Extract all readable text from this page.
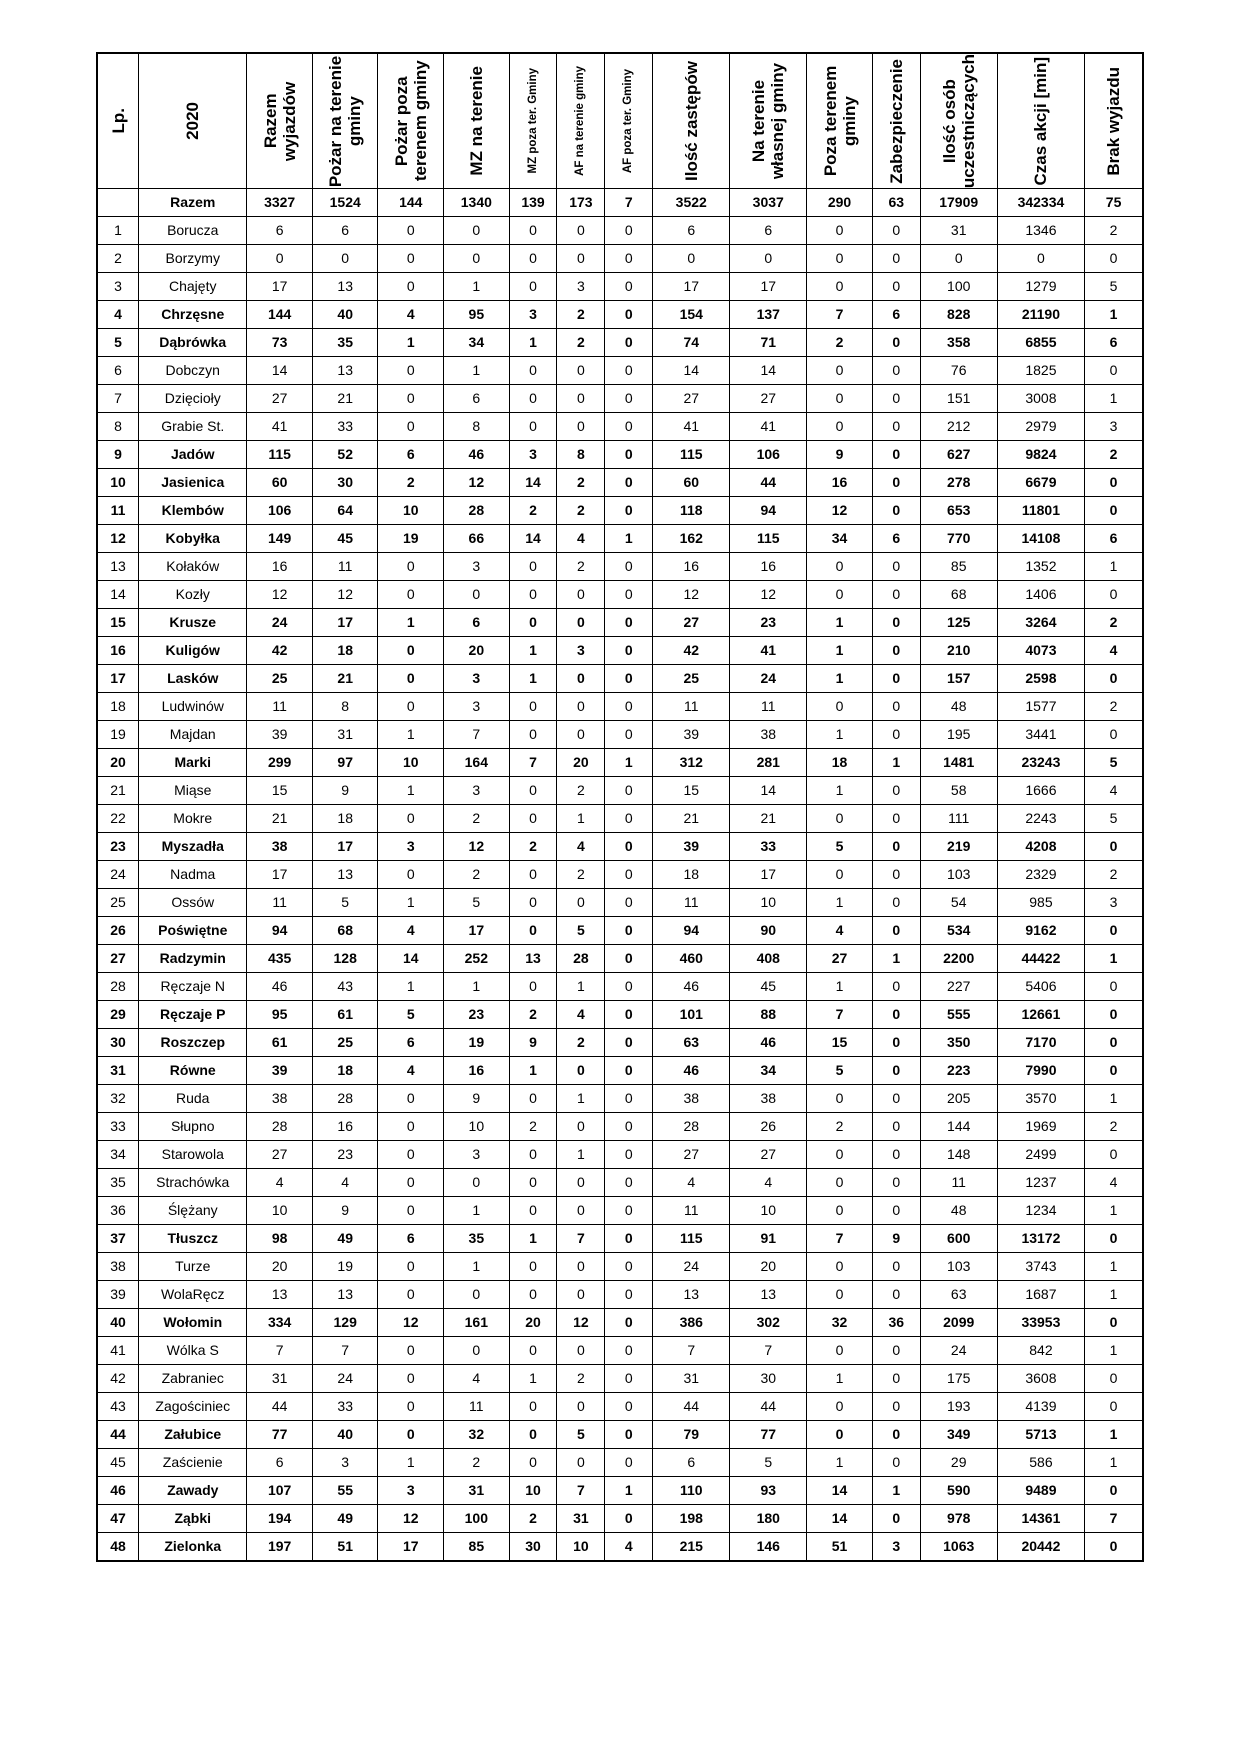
Lp.	2020	Razem wyjazdów	Pożar na terenie gminy	Pożar poza terenem gminy	MZ na terenie	MZ poza ter. Gminy	AF na terenie gminy	AF poza ter. Gminy	Ilość zastępów	Na terenie własnej gminy	Poza terenem gminy	Zabezpieczenie	Ilość osób uczestniczących	Czas akcji [min]	Brak wyjazdu

	Razem	3327	1524	144	1340	139	173	7	3522	3037	290	63	17909	342334	75
1	Borucza	6	6	0	0	0	0	0	6	6	0	0	31	1346	2
2	Borzymy	0	0	0	0	0	0	0	0	0	0	0	0	0	0
3	Chajęty	17	13	0	1	0	3	0	17	17	0	0	100	1279	5
4	Chrzęsne	144	40	4	95	3	2	0	154	137	7	6	828	21190	1
5	Dąbrówka	73	35	1	34	1	2	0	74	71	2	0	358	6855	6
6	Dobczyn	14	13	0	1	0	0	0	14	14	0	0	76	1825	0
7	Dzięcioły	27	21	0	6	0	0	0	27	27	0	0	151	3008	1
8	Grabie St.	41	33	0	8	0	0	0	41	41	0	0	212	2979	3
9	Jadów	115	52	6	46	3	8	0	115	106	9	0	627	9824	2
10	Jasienica	60	30	2	12	14	2	0	60	44	16	0	278	6679	0
11	Klembów	106	64	10	28	2	2	0	118	94	12	0	653	11801	0
12	Kobyłka	149	45	19	66	14	4	1	162	115	34	6	770	14108	6
13	Kołaków	16	11	0	3	0	2	0	16	16	0	0	85	1352	1
14	Kozły	12	12	0	0	0	0	0	12	12	0	0	68	1406	0
15	Krusze	24	17	1	6	0	0	0	27	23	1	0	125	3264	2
16	Kuligów	42	18	0	20	1	3	0	42	41	1	0	210	4073	4
17	Lasków	25	21	0	3	1	0	0	25	24	1	0	157	2598	0
18	Ludwinów	11	8	0	3	0	0	0	11	11	0	0	48	1577	2
19	Majdan	39	31	1	7	0	0	0	39	38	1	0	195	3441	0
20	Marki	299	97	10	164	7	20	1	312	281	18	1	1481	23243	5
21	Miąse	15	9	1	3	0	2	0	15	14	1	0	58	1666	4
22	Mokre	21	18	0	2	0	1	0	21	21	0	0	111	2243	5
23	Myszadła	38	17	3	12	2	4	0	39	33	5	0	219	4208	0
24	Nadma	17	13	0	2	0	2	0	18	17	0	0	103	2329	2
25	Ossów	11	5	1	5	0	0	0	11	10	1	0	54	985	3
26	Poświętne	94	68	4	17	0	5	0	94	90	4	0	534	9162	0
27	Radzymin	435	128	14	252	13	28	0	460	408	27	1	2200	44422	1
28	Ręczaje N	46	43	1	1	0	1	0	46	45	1	0	227	5406	0
29	Ręczaje P	95	61	5	23	2	4	0	101	88	7	0	555	12661	0
30	Roszczep	61	25	6	19	9	2	0	63	46	15	0	350	7170	0
31	Równe	39	18	4	16	1	0	0	46	34	5	0	223	7990	0
32	Ruda	38	28	0	9	0	1	0	38	38	0	0	205	3570	1
33	Słupno	28	16	0	10	2	0	0	28	26	2	0	144	1969	2
34	Starowola	27	23	0	3	0	1	0	27	27	0	0	148	2499	0
35	Strachówka	4	4	0	0	0	0	0	4	4	0	0	11	1237	4
36	Ślężany	10	9	0	1	0	0	0	11	10	0	0	48	1234	1
37	Tłuszcz	98	49	6	35	1	7	0	115	91	7	9	600	13172	0
38	Turze	20	19	0	1	0	0	0	24	20	0	0	103	3743	1
39	WolaRęcz	13	13	0	0	0	0	0	13	13	0	0	63	1687	1
40	Wołomin	334	129	12	161	20	12	0	386	302	32	36	2099	33953	0
41	Wólka S	7	7	0	0	0	0	0	7	7	0	0	24	842	1
42	Zabraniec	31	24	0	4	1	2	0	31	30	1	0	175	3608	0
43	Zagościniec	44	33	0	11	0	0	0	44	44	0	0	193	4139	0
44	Załubice	77	40	0	32	0	5	0	79	77	0	0	349	5713	1
45	Zaścienie	6	3	1	2	0	0	0	6	5	1	0	29	586	1
46	Zawady	107	55	3	31	10	7	1	110	93	14	1	590	9489	0
47	Ząbki	194	49	12	100	2	31	0	198	180	14	0	978	14361	7
48	Zielonka	197	51	17	85	30	10	4	215	146	51	3	1063	20442	0
